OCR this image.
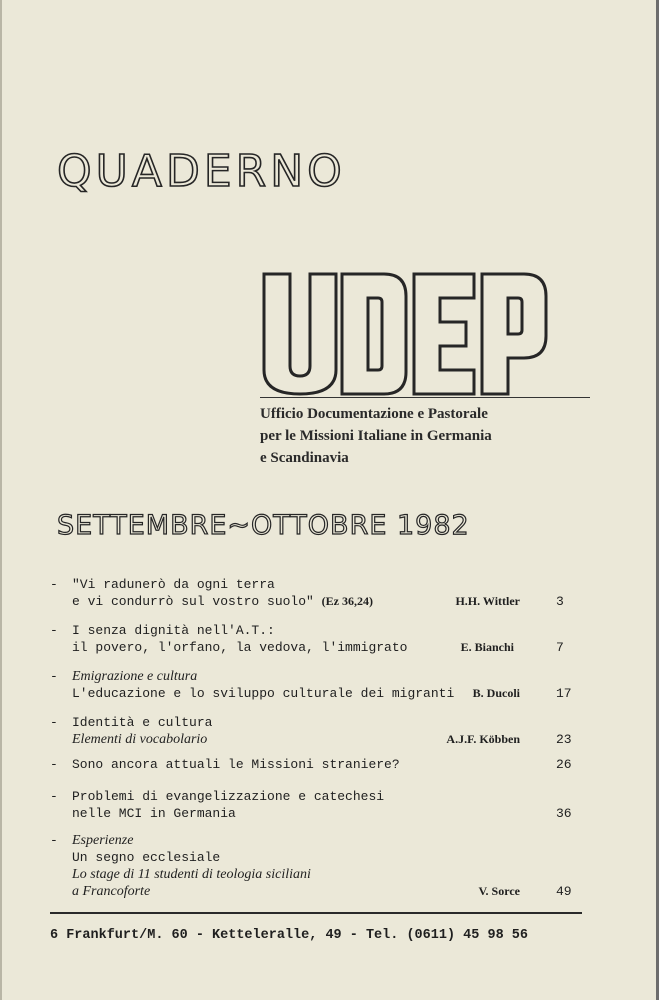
QUADERNO
Ufficio Documentazione e Pastorale
per le Missioni Italiane in Germania
e Scandinavia
SETTEMBRE~OTTOBRE 1982
- "Vi radunerò da ogni terra
e vi condurrò sul vostro suolo" (Ez 36,24)	H.H. Wittler	3
- I senza dignità nell'A.T.:
il povero, l'orfano, la vedova, l'immigrato	E. Bianchi	7
- Emigrazione e cultura
L'educazione e lo sviluppo culturale dei migranti B. Ducoli	17
- Identità e cultura
Elementi di vocabolario	A.J.F. Köbben	23
- Sono ancora attuali le Missioni straniere?	26
- Problemi di evangelizzazione e catechesi
nelle MCI in Germania	36
- Esperienze
Un segno ecclesiale
Lo stage di 11 studenti di teologia siciliani
a Francoforte	V. Sorce	49
6 Frankfurt/M. 60 - Ketteleralle, 49 - Tel. (0611) 45 98 56
